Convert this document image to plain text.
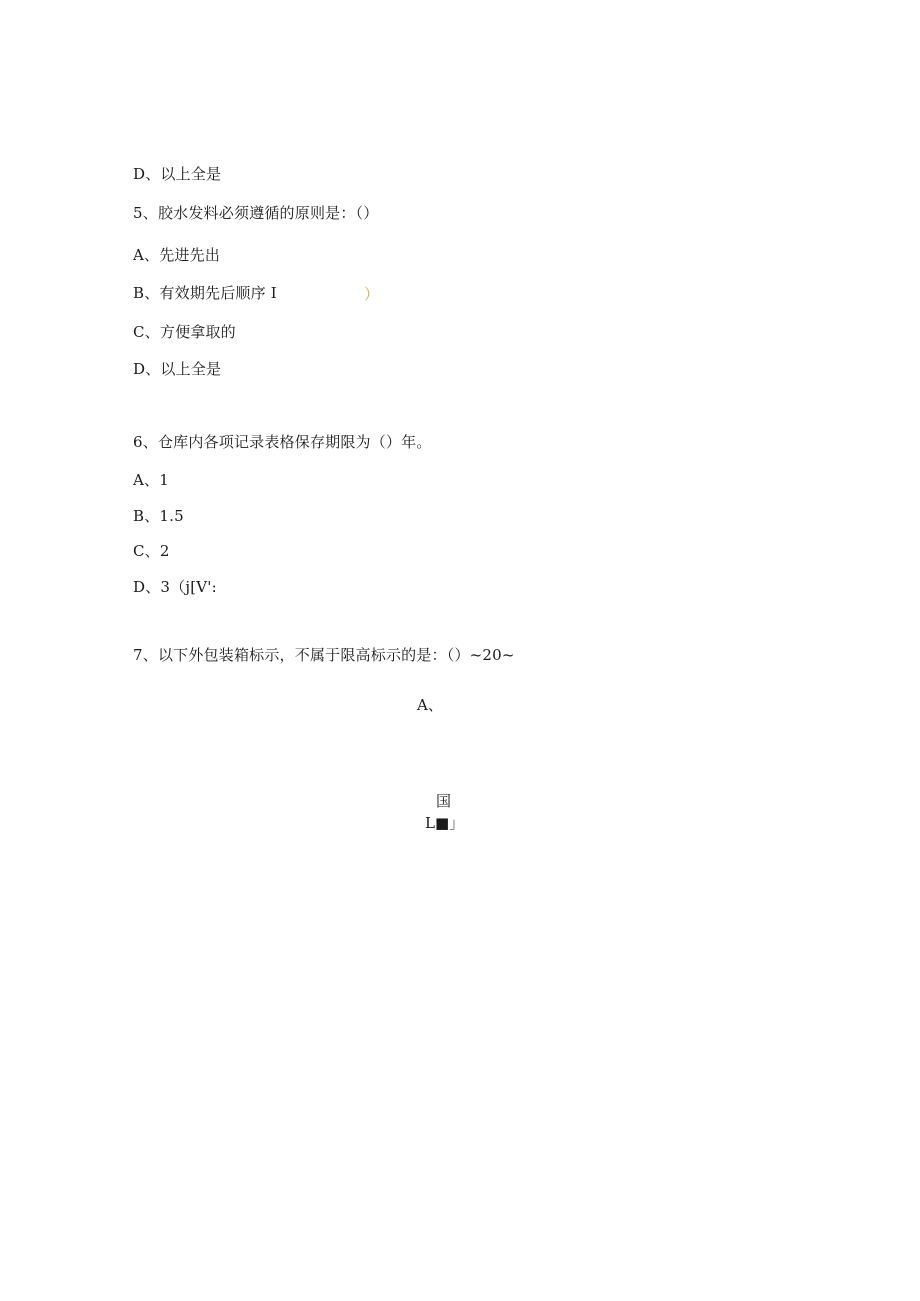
D、以上全是
5、胶水发料必须遵循的原则是：（）
A、先进先出
B、有效期先后顺序 I	）
C、方便拿取的
D、以上全是
6、仓库内各项记录表格保存期限为（）年。
A、1
B、1.5
C、2
D、3（j[V':
7、以下外包装箱标示，不属于限高标示的是：（）~20~
A、
国
L■」
